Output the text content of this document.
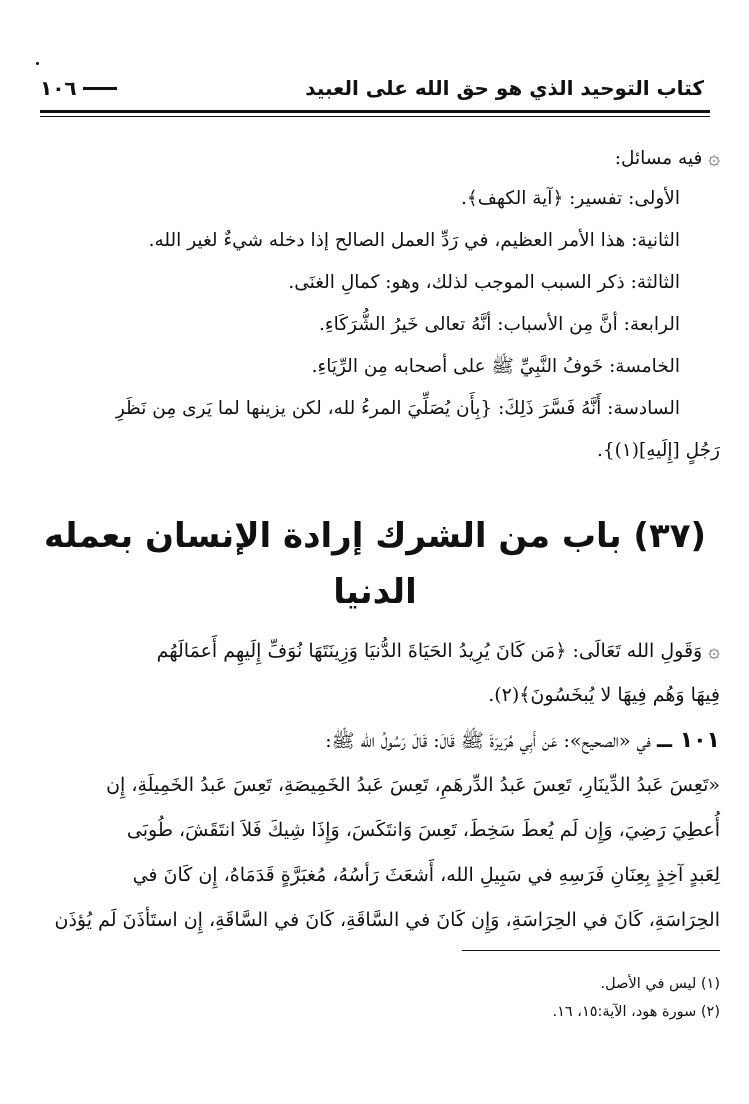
كتاب التوحيد الذي هو حق الله على العبيد
١٠٦
۞ فيه مسائل:
الأولى: تفسير: ﴿آية الكهف﴾.
الثانية: هذا الأمر العظيم، في رَدِّ العمل الصالح إذا دخله شيءٌ لغير الله.
الثالثة: ذكر السبب الموجب لذلك، وهو: كمالِ الغنَى.
الرابعة: أنَّ مِن الأسباب: أنَّهُ تعالى خَيرُ الشُّرَكَاءِ.
الخامسة: خَوفُ النَّبِيِّ ﷺ على أصحابه مِن الرِّيَاءِ.
السادسة: أَنَّهُ فَسَّرَ ذَلِكَ: {بِأَن يُصَلِّيَ المرءُ لله، لكن يزينها لما يَرى مِن نَظَرِ
رَجُلٍ [إِلَيهِ](١)}.
(٣٧) باب من الشرك إرادة الإنسان بعمله
الدنيا
۞ وَقَولِ الله تَعَالَى: ﴿مَن كَانَ يُرِيدُ الحَيَاةَ الدُّنيَا وَزِينَتَهَا نُوَفِّ إِلَيهِم أَعمَالَهُم
فِيهَا وَهُم فِيهَا لا يُبخَسُونَ﴾(٢).
١٠١ ــ في «الصحيح»: عَن أَبِي هُرَيرَةَ ﷺ قَالَ: قَالَ رَسُولُ الله ﷺ:
«تَعِسَ عَبدُ الدِّينَارِ، تَعِسَ عَبدُ الدِّرهَمِ، تَعِسَ عَبدُ الخَمِيصَةِ، تَعِسَ عَبدُ الخَمِيلَةِ، إِن
أُعطِيَ رَضِيَ، وَإِن لَم يُعطَ سَخِطَ، تَعِسَ وَانتَكَسَ، وَإِذَا شِيكَ فَلاَ انتَقَشَ، طُوبَى
لِعَبدٍ آخِذٍ بِعِنَانِ فَرَسِهِ في سَبِيلِ الله، أَشعَثَ رَأسُهُ، مُغبَرَّةٍ قَدَمَاهُ، إِن كَانَ في
الحِرَاسَةِ، كَانَ في الحِرَاسَةِ، وَإِن كَانَ في السَّاقَةِ، كَانَ في السَّاقَةِ، إِن استَأذَنَ لَم يُؤذَن
(١) ليس في الأصل.
(٢) سورة هود، الآية:١٥، ١٦.
